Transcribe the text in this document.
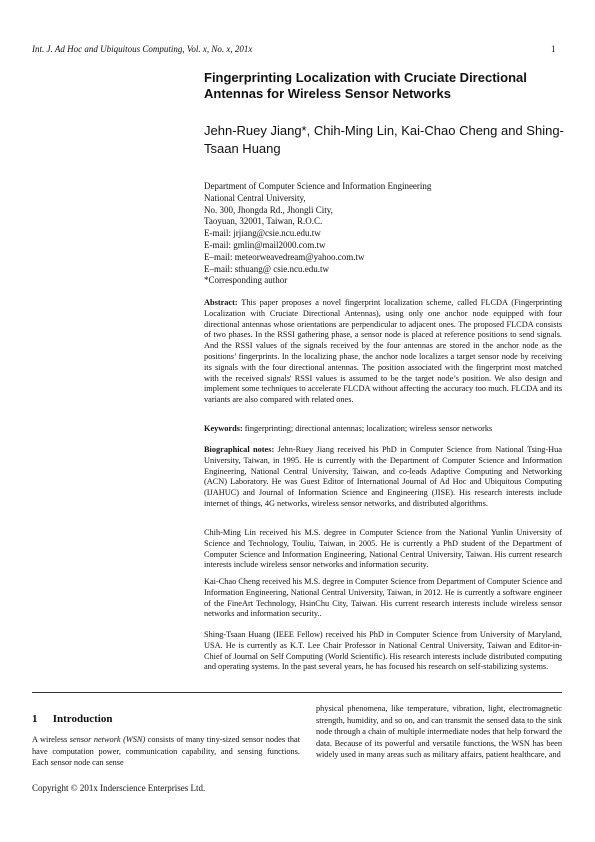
Int. J. Ad Hoc and Ubiquitous Computing, Vol. x, No. x, 201x	1
Fingerprinting Localization with Cruciate Directional Antennas for Wireless Sensor Networks
Jehn-Ruey Jiang*, Chih-Ming Lin, Kai-Chao Cheng and Shing-Tsaan Huang
Department of Computer Science and Information Engineering
National Central University,
No. 300, Jhongda Rd., Jhongli City,
Taoyuan, 32001, Taiwan, R.O.C.
E-mail: jrjiang@csie.ncu.edu.tw
E-mail: gmlin@mail2000.com.tw
E–mail: meteorweavedream@yahoo.com.tw
E–mail: sthuang@ csie.ncu.edu.tw
*Corresponding author

Abstract: This paper proposes a novel fingerprint localization scheme, called FLCDA (Fingerprinting Localization with Cruciate Directional Antennas), using only one anchor node equipped with four directional antennas whose orientations are perpendicular to adjacent ones. The proposed FLCDA consists of two phases. In the RSSI gathering phase, a sensor node is placed at reference positions to send signals. And the RSSI values of the signals received by the four antennas are stored in the anchor node as the positions’ fingerprints. In the localizing phase, the anchor node localizes a target sensor node by receiving its signals with the four directional antennas. The position associated with the fingerprint most matched with the received signals' RSSI values is assumed to be the target node’s position. We also design and implement some techniques to accelerate FLCDA without affecting the accuracy too much. FLCDA and its variants are also compared with related ones.

Keywords: fingerprinting; directional antennas; localization; wireless sensor networks

Biographical notes: Jehn-Ruey Jiang received his PhD in Computer Science from National Tsing-Hua University, Taiwan, in 1995. He is currently with the Department of Computer Science and Information Engineering, National Central University, Taiwan, and co-leads Adaptive Computing and Networking (ACN) Laboratory. He was Guest Editor of International Journal of Ad Hoc and Ubiquitous Computing (IJAHUC) and Journal of Information Science and Engineering (JISE). His research interests include internet of things, 4G networks, wireless sensor networks, and distributed algorithms.

Chih-Ming Lin received his M.S. degree in Computer Science from the National Yunlin University of Science and Technology, Touliu, Taiwan, in 2005. He is currently a PhD student of the Department of Computer Science and Information Engineering, National Central University, Taiwan. His current research interests include wireless sensor networks and information security.

Kai-Chao Cheng received his M.S. degree in Computer Science from Department of Computer Science and Information Engineering, National Central University, Taiwan, in 2012. He is currently a software engineer of the FineArt Technology, HsinChu City, Taiwan. His current research interests include wireless sensor networks and information security..

Shing-Tsaan Huang (IEEE Fellow) received his PhD in Computer Science from University of Maryland, USA. He is currently as K.T. Lee Chair Professor in National Central University, Taiwan and Editor-in-Chief of Journal on Self Computing (World Scientific). His research interests include distributed computing and operating systems. In the past several years, he has focused his research on self-stabilizing systems.

1 Introduction
A wireless sensor network (WSN) consists of many tiny-sized sensor nodes that have computation power, communication capability, and sensing functions. Each sensor node can sense
physical phenomena, like temperature, vibration, light, electromagnetic strength, humidity, and so on, and can transmit the sensed data to the sink node through a chain of multiple intermediate nodes that help forward the data. Because of its powerful and versatile functions, the WSN has been widely used in many areas such as military affairs, patient healthcare, and
Copyright © 201x Inderscience Enterprises Ltd.
